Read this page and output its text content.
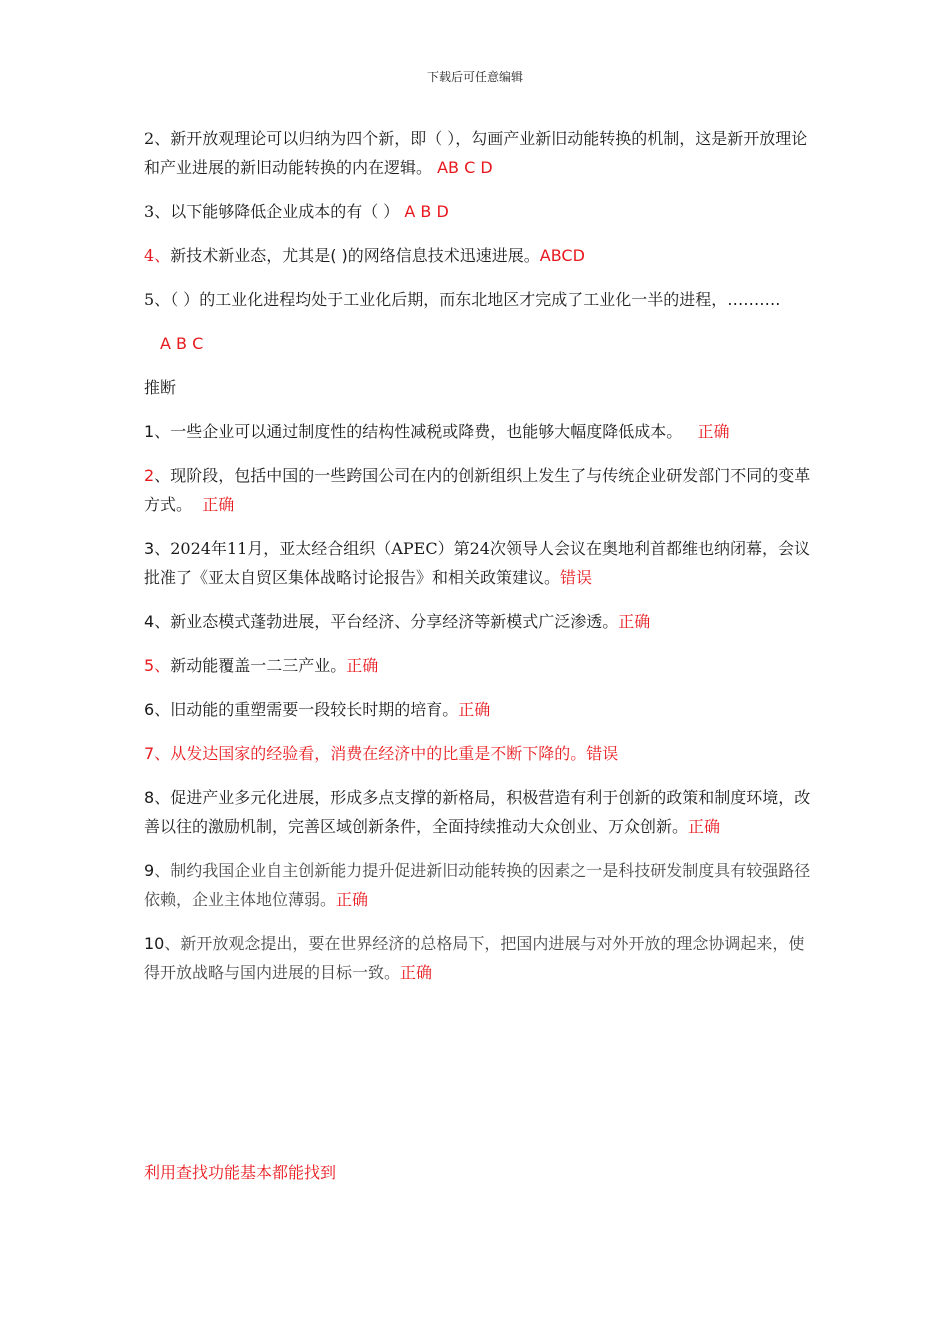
下载后可任意编辑

2、新开放观理论可以归纳为四个新，即（ ），勾画产业新旧动能转换的机制，这是新开放理论和产业进展的新旧动能转换的内在逻辑。 AB C D

3、以下能够降低企业成本的有（ ） A B D

4、新技术新业态，尤其是( )的网络信息技术迅速进展。ABCD

5、（ ）的工业化进程均处于工业化后期，而东北地区才完成了工业化一半的进程，……….

A B C

推断

1、一些企业可以通过制度性的结构性减税或降费，也能够大幅度降低成本。 正确

2、现阶段，包括中国的一些跨国公司在内的创新组织上发生了与传统企业研发部门不同的变革方式。 正确

3、2024年11月，亚太经合组织（APEC）第24次领导人会议在奥地利首都维也纳闭幕，会议批准了《亚太自贸区集体战略讨论报告》和相关政策建议。错误

4、新业态模式蓬勃进展，平台经济、分享经济等新模式广泛渗透。正确

5、新动能覆盖一二三产业。正确

6、旧动能的重塑需要一段较长时期的培育。正确

7、从发达国家的经验看，消费在经济中的比重是不断下降的。错误

8、促进产业多元化进展，形成多点支撑的新格局，积极营造有利于创新的政策和制度环境，改善以往的激励机制，完善区域创新条件，全面持续推动大众创业、万众创新。正确

9、制约我国企业自主创新能力提升促进新旧动能转换的因素之一是科技研发制度具有较强路径依赖，企业主体地位薄弱。正确

10、新开放观念提出，要在世界经济的总格局下，把国内进展与对外开放的理念协调起来，使得开放战略与国内进展的目标一致。正确

利用查找功能基本都能找到
